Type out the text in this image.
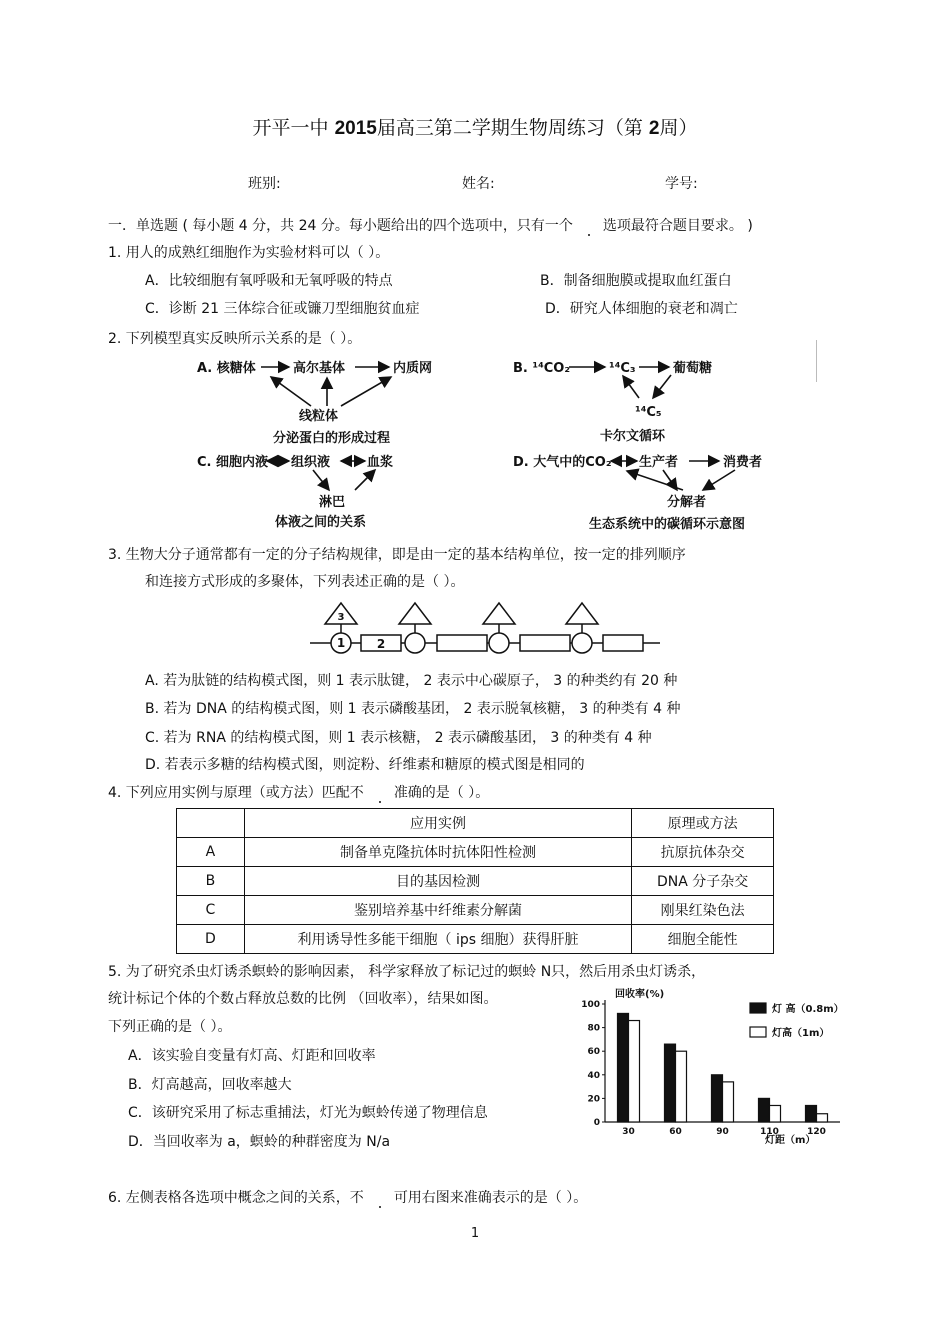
开平一中 2015届高三第二学期生物周练习（第 2周）
班别:	姓名:	学号:
一．单选题 ( 每小题 4 分，共 24 分。每小题给出的四个选项中，只有一个 选项最符合题目要求。 )
1. 用人的成熟红细胞作为实验材料可以（ ）。
A．比较细胞有氧呼吸和无氧呼吸的特点	B．制备细胞膜或提取血红蛋白
C．诊断 21 三体综合征或镰刀型细胞贫血症	D．研究人体细胞的衰老和凋亡
2. 下列模型真实反映所示关系的是（ ）。
A. 核糖体	高尔基体	内质网
线粒体
分泌蛋白的形成过程
B. ¹⁴CO₂	¹⁴C₃	葡萄糖
¹⁴C₅
卡尔文循环
C. 细胞内液 组织液	血浆
淋巴
体液之间的关系
D. 大气中的CO₂ 生产者	消费者
分解者
生态系统中的碳循环示意图
3. 生物大分子通常都有一定的分子结构规律，即是由一定的基本结构单位，按一定的排列顺序
和连接方式形成的多聚体，下列表述正确的是（ ）。
1	2
3
A. 若为肽链的结构模式图，则 1 表示肽键， 2 表示中心碳原子， 3 的种类约有 20 种
B. 若为 DNA 的结构模式图，则 1 表示磷酸基团， 2 表示脱氧核糖， 3 的种类有 4 种
C. 若为 RNA 的结构模式图，则 1 表示核糖， 2 表示磷酸基团， 3 的种类有 4 种
D. 若表示多糖的结构模式图，则淀粉、纤维素和糖原的模式图是相同的
4. 下列应用实例与原理（或方法）匹配不 准确的是（ ）。
	应用实例	原理或方法
A	制备单克隆抗体时抗体阳性检测	抗原抗体杂交
B	目的基因检测	DNA 分子杂交
C	鉴别培养基中纤维素分解菌	刚果红染色法
D	利用诱导性多能干细胞（ ips 细胞）获得肝脏	细胞全能性
5. 为了研究杀虫灯诱杀螟蛉的影响因素， 科学家释放了标记过的螟蛉 N只，然后用杀虫灯诱杀，
统计标记个体的个数占释放总数的比例 （回收率），结果如图。
下列正确的是（ ）。
A．该实验自变量有灯高、灯距和回收率
B．灯高越高，回收率越大
C．该研究采用了标志重捕法，灯光为螟蛉传递了物理信息
D．当回收率为 a，螟蛉的种群密度为 N/a
回收率(%)
灯距（m）
灯 高（0.8m）
灯高（1m）
0
20
40
60
80
100
30	60	90	110	120
6. 左侧表格各选项中概念之间的关系，不 可用右图来准确表示的是（ ）。
1
